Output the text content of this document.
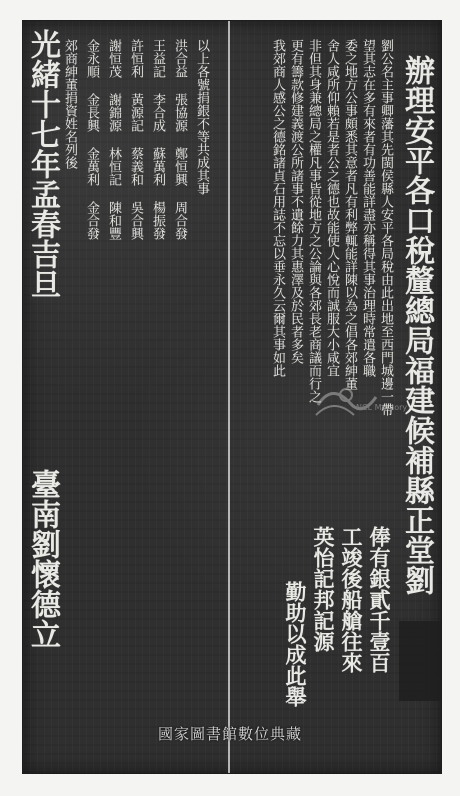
辦理安平各口稅釐總局福建候補縣正堂劉
劉公名主事卿藩其先閩侯縣人安平各局稅由此出地至西門城邊一帶
望其志在多有來者有功善能詳盡亦稱得其事治理時常遣各職
委之地方公事頗悉其意者凡有利弊輒能詳陳以為之倡各郊紳董
舍人咸所仰賴若是者公之德也故能使人心悅而誠服大小咸宜
非但其身兼總局之權凡事皆從地方之公論與各郊長老商議而行之
更有籌款修建義渡公所諸事不遺餘力其惠澤及於民者多矣
我郊商人感公之德銘諸貞石用誌不忘以垂永久云爾其事如此
俸有銀貳千壹百
工竣後船艙往來
英怡記邦記源
勤助以成此舉
光緒十七年孟春吉旦
臺南劉懷德立
郊商紳董捐資姓名列後 金永順 金長興 金萬利 金合發 謝恒茂 謝錦源 林恒記 陳和豐 許恒利 黃源記 蔡義和 吳合興 王益記 李合成 蘇萬利 楊振發 洪合益 張協源 鄭恒興 周合發 以上各號捐銀不等共成其事
NCL Memory
國家圖書館數位典藏
